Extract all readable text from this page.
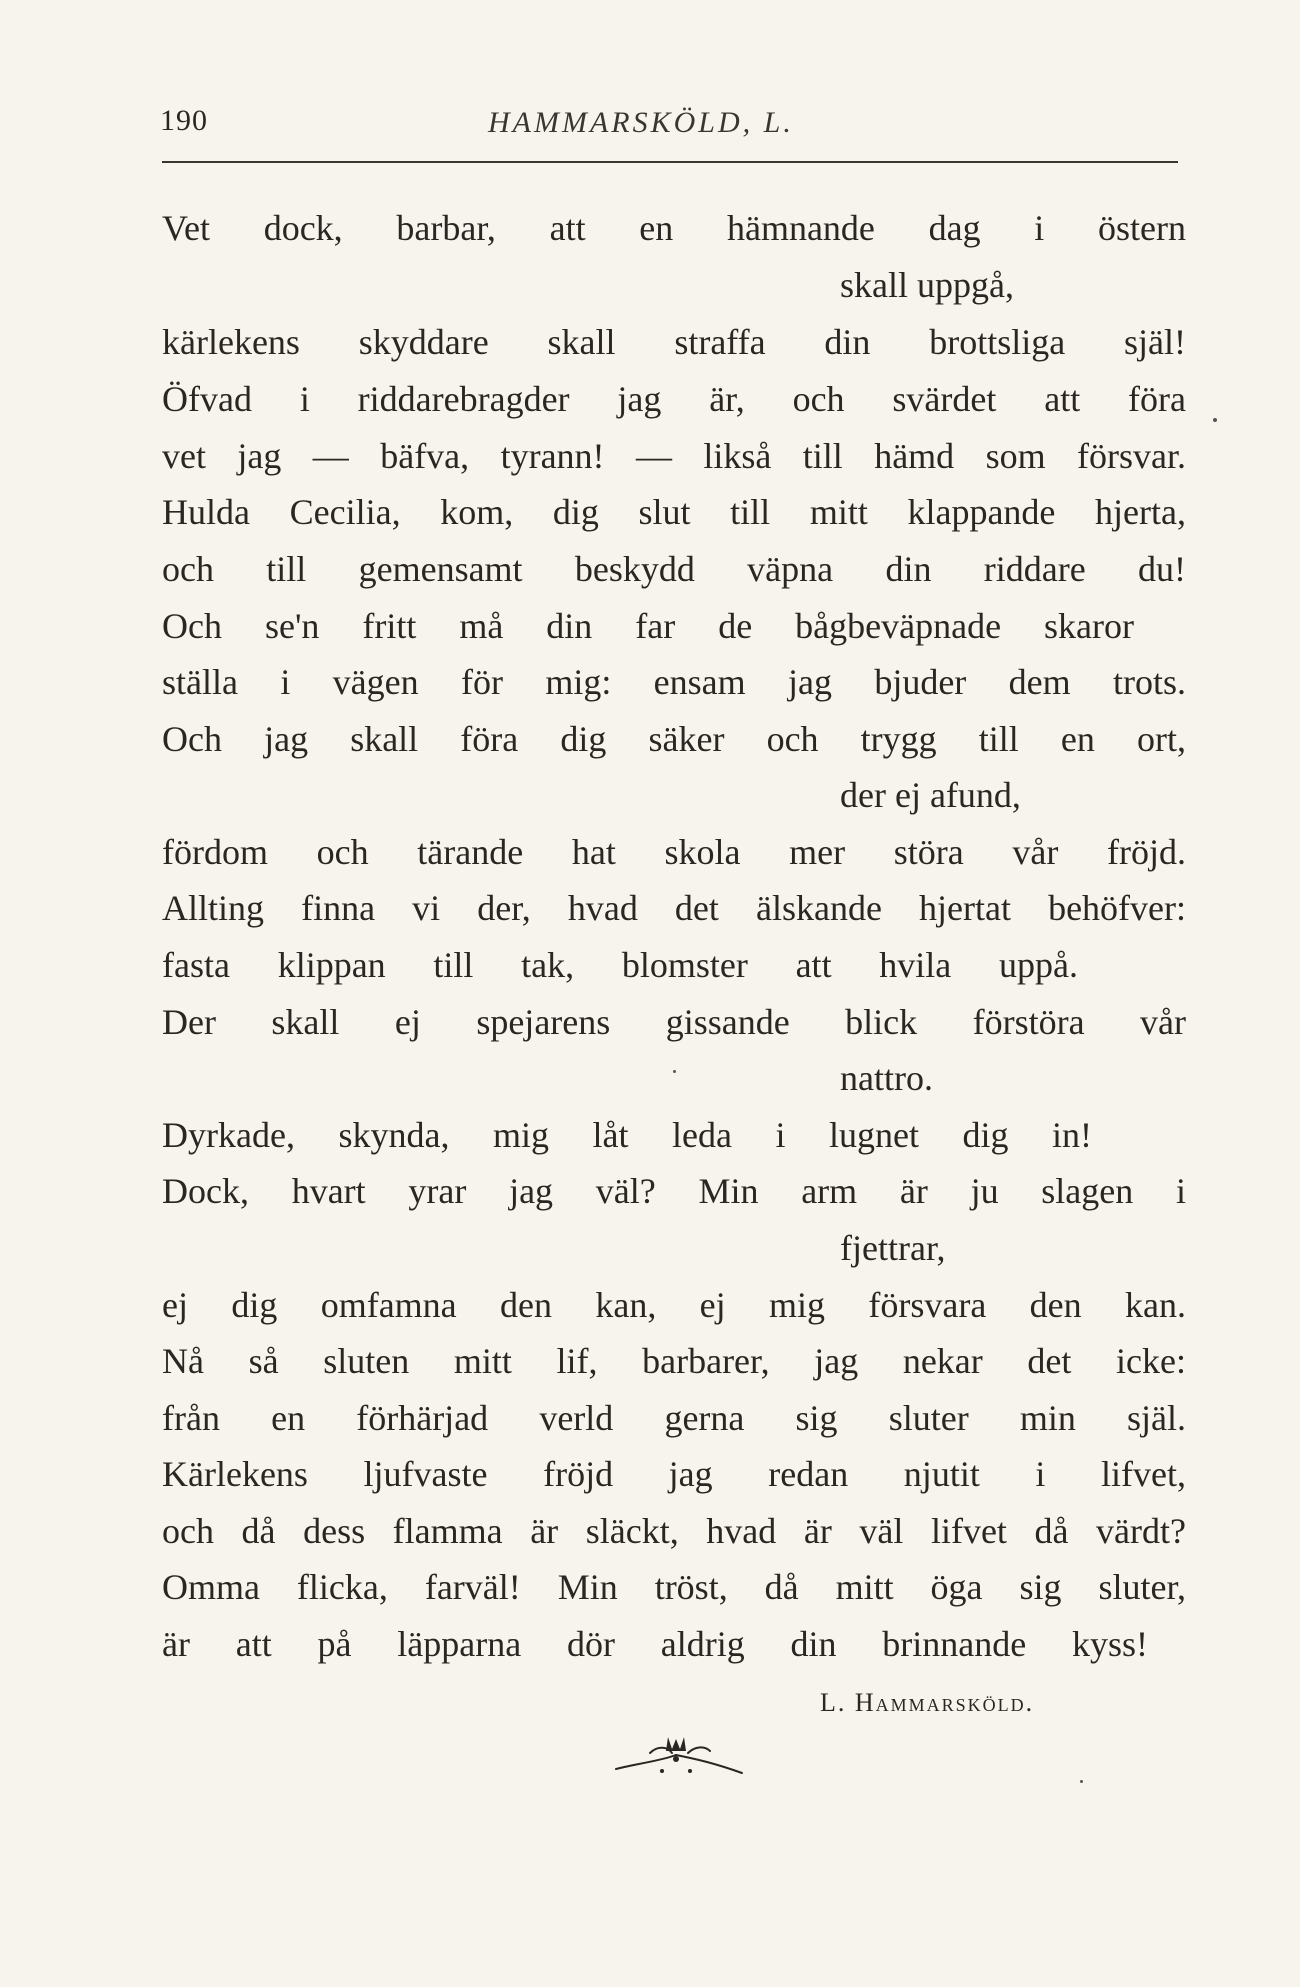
190	HAMMARSKÖLD, L.
Vet dock, barbar, att en hämnande dag i östern
skall uppgå,
kärlekens skyddare skall straffa din brottsliga själ!
Öfvad i riddarebragder jag är, och svärdet att föra
vet jag — bäfva, tyrann! — likså till hämd som försvar.
Hulda Cecilia, kom, dig slut till mitt klappande hjerta,
och till gemensamt beskydd väpna din riddare du!
Och se'n fritt må din far de bågbeväpnade skaror
ställa i vägen för mig: ensam jag bjuder dem trots.
Och jag skall föra dig säker och trygg till en ort,
der ej afund,
fördom och tärande hat skola mer störa vår fröjd.
Allting finna vi der, hvad det älskande hjertat behöfver:
fasta klippan till tak, blomster att hvila uppå.
Der skall ej spejarens gissande blick förstöra vår
nattro.
Dyrkade, skynda, mig låt leda i lugnet dig in!
Dock, hvart yrar jag väl? Min arm är ju slagen i
fjettrar,
ej dig omfamna den kan, ej mig försvara den kan.
Nå så sluten mitt lif, barbarer, jag nekar det icke:
från en förhärjad verld gerna sig sluter min själ.
Kärlekens ljufvaste fröjd jag redan njutit i lifvet,
och då dess flamma är släckt, hvad är väl lifvet då värdt?
Omma flicka, farväl! Min tröst, då mitt öga sig sluter,
är att på läpparna dör aldrig din brinnande kyss!
L. Hammarsköld.
